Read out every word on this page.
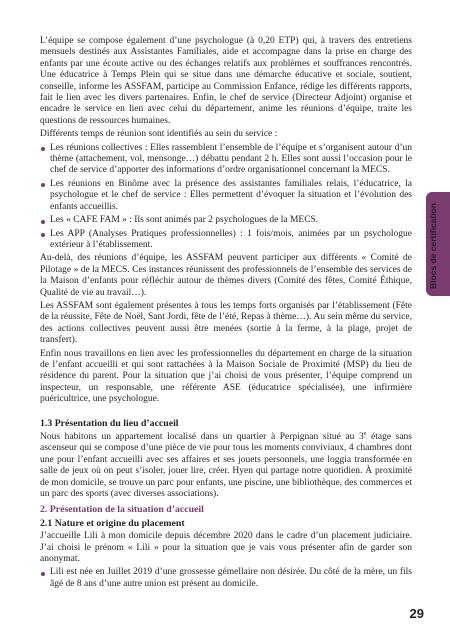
L’équipe se compose également d’une psychologue (à 0,20 ETP) qui, à travers des entretiens mensuels destinés aux Assistantes Familiales, aide et accompagne dans la prise en charge des enfants par une écoute active ou des échanges relatifs aux problèmes et souffrances rencontrés. Une éducatrice à Temps Plein qui se situe dans une démarche éducative et sociale, soutient, conseille, informe les ASSFAM, participe au Commission Enfance, rédige les différents rapports, fait le lien avec les divers partenaires. Enfin, le chef de service (Directeur Adjoint) organise et encadre le service en lien avec celui du département, anime les réunions d’équipe, traite les questions de ressources humaines.

Différents temps de réunion sont identifiés au sein du service :

Les réunions collectives : Elles rassemblent l’ensemble de l’équipe et s’organisent autour d’un thème (attachement, vol, mensonge…) débattu pendant 2 h. Elles sont aussi l’occasion pour le chef de service d’apporter des informations d’ordre organisationnel concernant la MECS.
Les réunions en Binôme avec la présence des assistantes familiales relais, l’éducatrice, la psychologue et le chef de service : Elles permettent d’évoquer la situation et l’évolution des enfants accueillis.
Les « CAFE FAM » : Ils sont animés par 2 psychologues de la MECS.
Les APP (Analyses Pratiques professionnelles) : 1 fois/mois, animées par un psychologue extérieur à l’établissement.

Au-delà, des réunions d’équipe, les ASSFAM peuvent participer aux différents « Comité de Pilotage » de la MECS. Ces instances réunissent des professionnels de l’ensemble des services de la Maison d’enfants pour réfléchir autour de thèmes divers (Comité des fêtes, Comité Éthique, Qualité de vie au travail…).

Les ASSFAM sont également présentes à tous les temps forts organisés par l’établissement (Fête de la réussite, Fête de Noël, Sant Jordi, fête de l’été, Repas à thème…). Au sein même du service, des actions collectives peuvent aussi être menées (sortie à la ferme, à la plage, projet de transfert).

Enfin nous travaillons en lien avec les professionnelles du département en charge de la situation de l’enfant accueilli et qui sont rattachées à la Maison Sociale de Proximité (MSP) du lieu de résidence du parent. Pour la situation que j’ai choisi de vous présenter, l’équipe comprend un inspecteur, un responsable, une référente ASE (éducatrice spécialisée), une infirmière puéricultrice, une psychologue.

1.3 Présentation du lieu d’accueil

Nous habitons un appartement localisé dans un quartier à Perpignan situé au 3e étage sans ascenseur qui se compose d’une pièce de vie pour tous les moments conviviaux, 4 chambres dont une pour l’enfant accueilli avec ses affaires et ses jouets personnels, une loggia transformée en salle de jeux où on peut s’isoler, jouer lire, créer. Hyen qui partage notre quotidien. À proximité de mon domicile, se trouve un parc pour enfants, une piscine, une bibliothèque, des commerces et un parc des sports (avec diverses associations).

2. Présentation de la situation d’accueil
2.1 Nature et origine du placement

J’accueille Lili à mon domicile depuis décembre 2020 dans le cadre d’un placement judiciaire. J’ai choisi le prénom « Lili » pour la situation que je vais vous présenter afin de garder son anonymat.

Lili est née en Juillet 2019 d’une grossesse gémellaire non désirée. Du côté de la mère, un fils âgé de 8 ans d’une autre union est présent au domicile.
Blocs de certification
29
